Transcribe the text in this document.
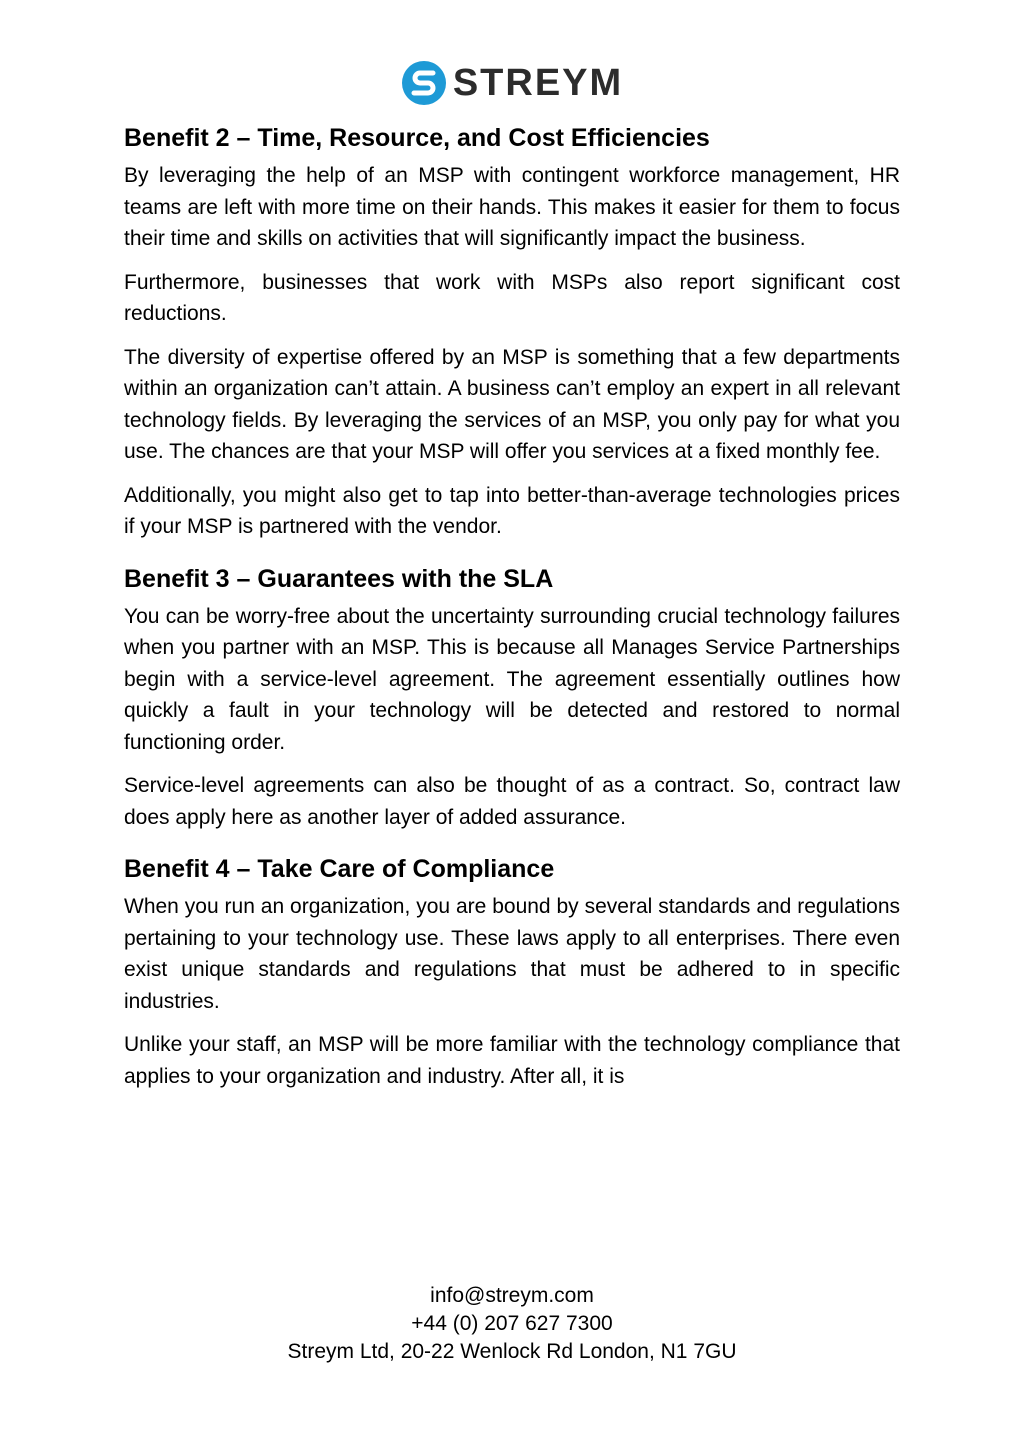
STREYM
Benefit 2 – Time, Resource, and Cost Efficiencies

By leveraging the help of an MSP with contingent workforce management, HR teams are left with more time on their hands. This makes it easier for them to focus their time and skills on activities that will significantly impact the business.

Furthermore, businesses that work with MSPs also report significant cost reductions.

The diversity of expertise offered by an MSP is something that a few departments within an organization can’t attain. A business can’t employ an expert in all relevant technology fields. By leveraging the services of an MSP, you only pay for what you use. The chances are that your MSP will offer you services at a fixed monthly fee.

Additionally, you might also get to tap into better-than-average technologies prices if your MSP is partnered with the vendor.

Benefit 3 – Guarantees with the SLA

You can be worry-free about the uncertainty surrounding crucial technology failures when you partner with an MSP. This is because all Manages Service Partnerships begin with a service-level agreement. The agreement essentially outlines how quickly a fault in your technology will be detected and restored to normal functioning order.

Service-level agreements can also be thought of as a contract. So, contract law does apply here as another layer of added assurance.

Benefit 4 – Take Care of Compliance

When you run an organization, you are bound by several standards and regulations pertaining to your technology use. These laws apply to all enterprises. There even exist unique standards and regulations that must be adhered to in specific industries.

Unlike your staff, an MSP will be more familiar with the technology compliance that applies to your organization and industry. After all, it is

info@streym.com
+44 (0) 207 627 7300
Streym Ltd, 20-22 Wenlock Rd London, N1 7GU
